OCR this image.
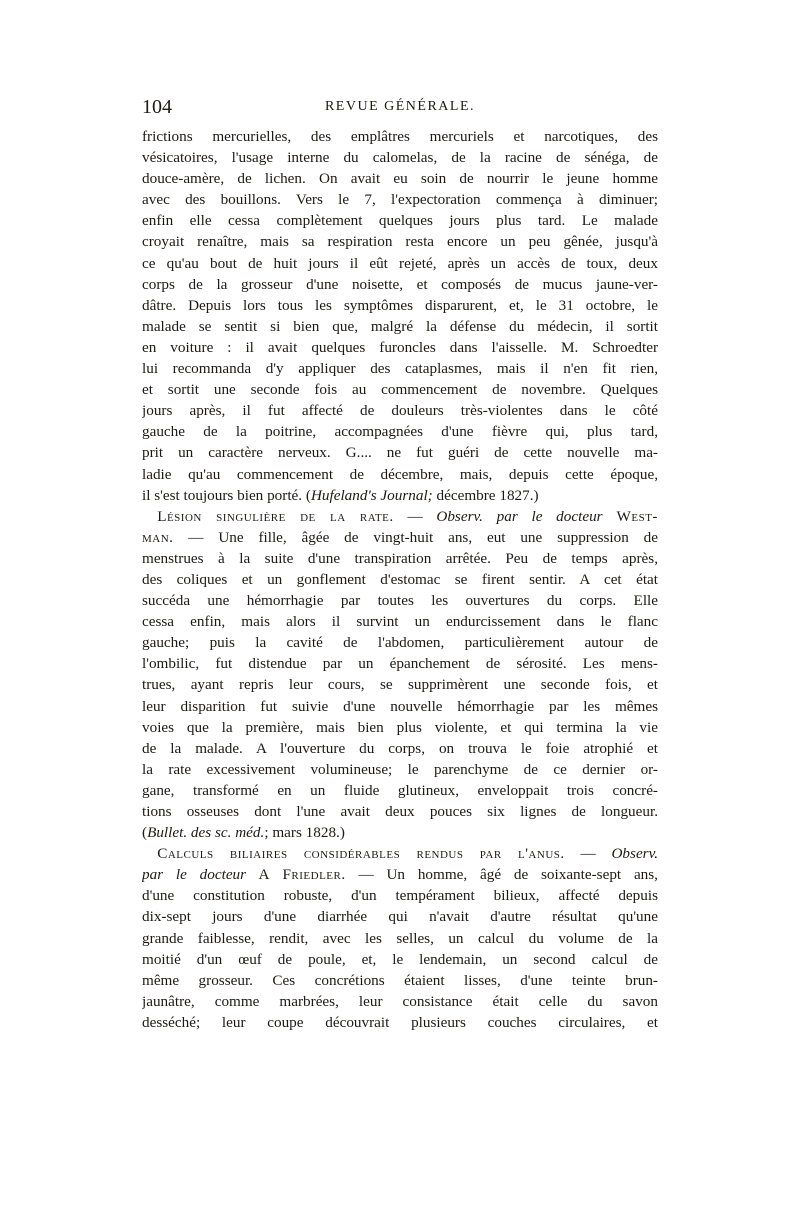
104	REVUE GÉNÉRALE.
frictions mercurielles, des emplâtres mercuriels et narcotiques, des
vésicatoires, l'usage interne du calomelas, de la racine de sénéga, de
douce-amère, de lichen. On avait eu soin de nourrir le jeune homme
avec des bouillons. Vers le 7, l'expectoration commença à diminuer;
enfin elle cessa complètement quelques jours plus tard. Le malade
croyait renaître, mais sa respiration resta encore un peu gênée, jusqu'à
ce qu'au bout de huit jours il eût rejeté, après un accès de toux, deux
corps de la grosseur d'une noisette, et composés de mucus jaune-ver-
dâtre. Depuis lors tous les symptômes disparurent, et, le 31 octobre, le
malade se sentit si bien que, malgré la défense du médecin, il sortit
en voiture : il avait quelques furoncles dans l'aisselle. M. Schroedter
lui recommanda d'y appliquer des cataplasmes, mais il n'en fit rien,
et sortit une seconde fois au commencement de novembre. Quelques
jours après, il fut affecté de douleurs très-violentes dans le côté
gauche de la poitrine, accompagnées d'une fièvre qui, plus tard,
prit un caractère nerveux. G.... ne fut guéri de cette nouvelle ma-
ladie qu'au commencement de décembre, mais, depuis cette époque,
il s'est toujours bien porté. (Hufeland's Journal; décembre 1827.)
 Lésion singulière de la rate. — Observ. par le docteur West-
man. — Une fille, âgée de vingt-huit ans, eut une suppression de
menstrues à la suite d'une transpiration arrêtée. Peu de temps après,
des coliques et un gonflement d'estomac se firent sentir. A cet état
succéda une hémorrhagie par toutes les ouvertures du corps. Elle
cessa enfin, mais alors il survint un endurcissement dans le flanc
gauche; puis la cavité de l'abdomen, particulièrement autour de
l'ombilic, fut distendue par un épanchement de sérosité. Les mens-
trues, ayant repris leur cours, se supprimèrent une seconde fois, et
leur disparition fut suivie d'une nouvelle hémorrhagie par les mêmes
voies que la première, mais bien plus violente, et qui termina la vie
de la malade. A l'ouverture du corps, on trouva le foie atrophié et
la rate excessivement volumineuse; le parenchyme de ce dernier or-
gane, transformé en un fluide glutineux, enveloppait trois concré-
tions osseuses dont l'une avait deux pouces six lignes de longueur.
(Bullet. des sc. méd.; mars 1828.)
 Calculs biliaires considérables rendus par l'anus. — Observ.
par le docteur A Friedler. — Un homme, âgé de soixante-sept ans,
d'une constitution robuste, d'un tempérament bilieux, affecté depuis
dix-sept jours d'une diarrhée qui n'avait d'autre résultat qu'une
grande faiblesse, rendit, avec les selles, un calcul du volume de la
moitié d'un œuf de poule, et, le lendemain, un second calcul de
même grosseur. Ces concrétions étaient lisses, d'une teinte brun-
jaunâtre, comme marbrées, leur consistance était celle du savon
desséché; leur coupe découvrait plusieurs couches circulaires, et
